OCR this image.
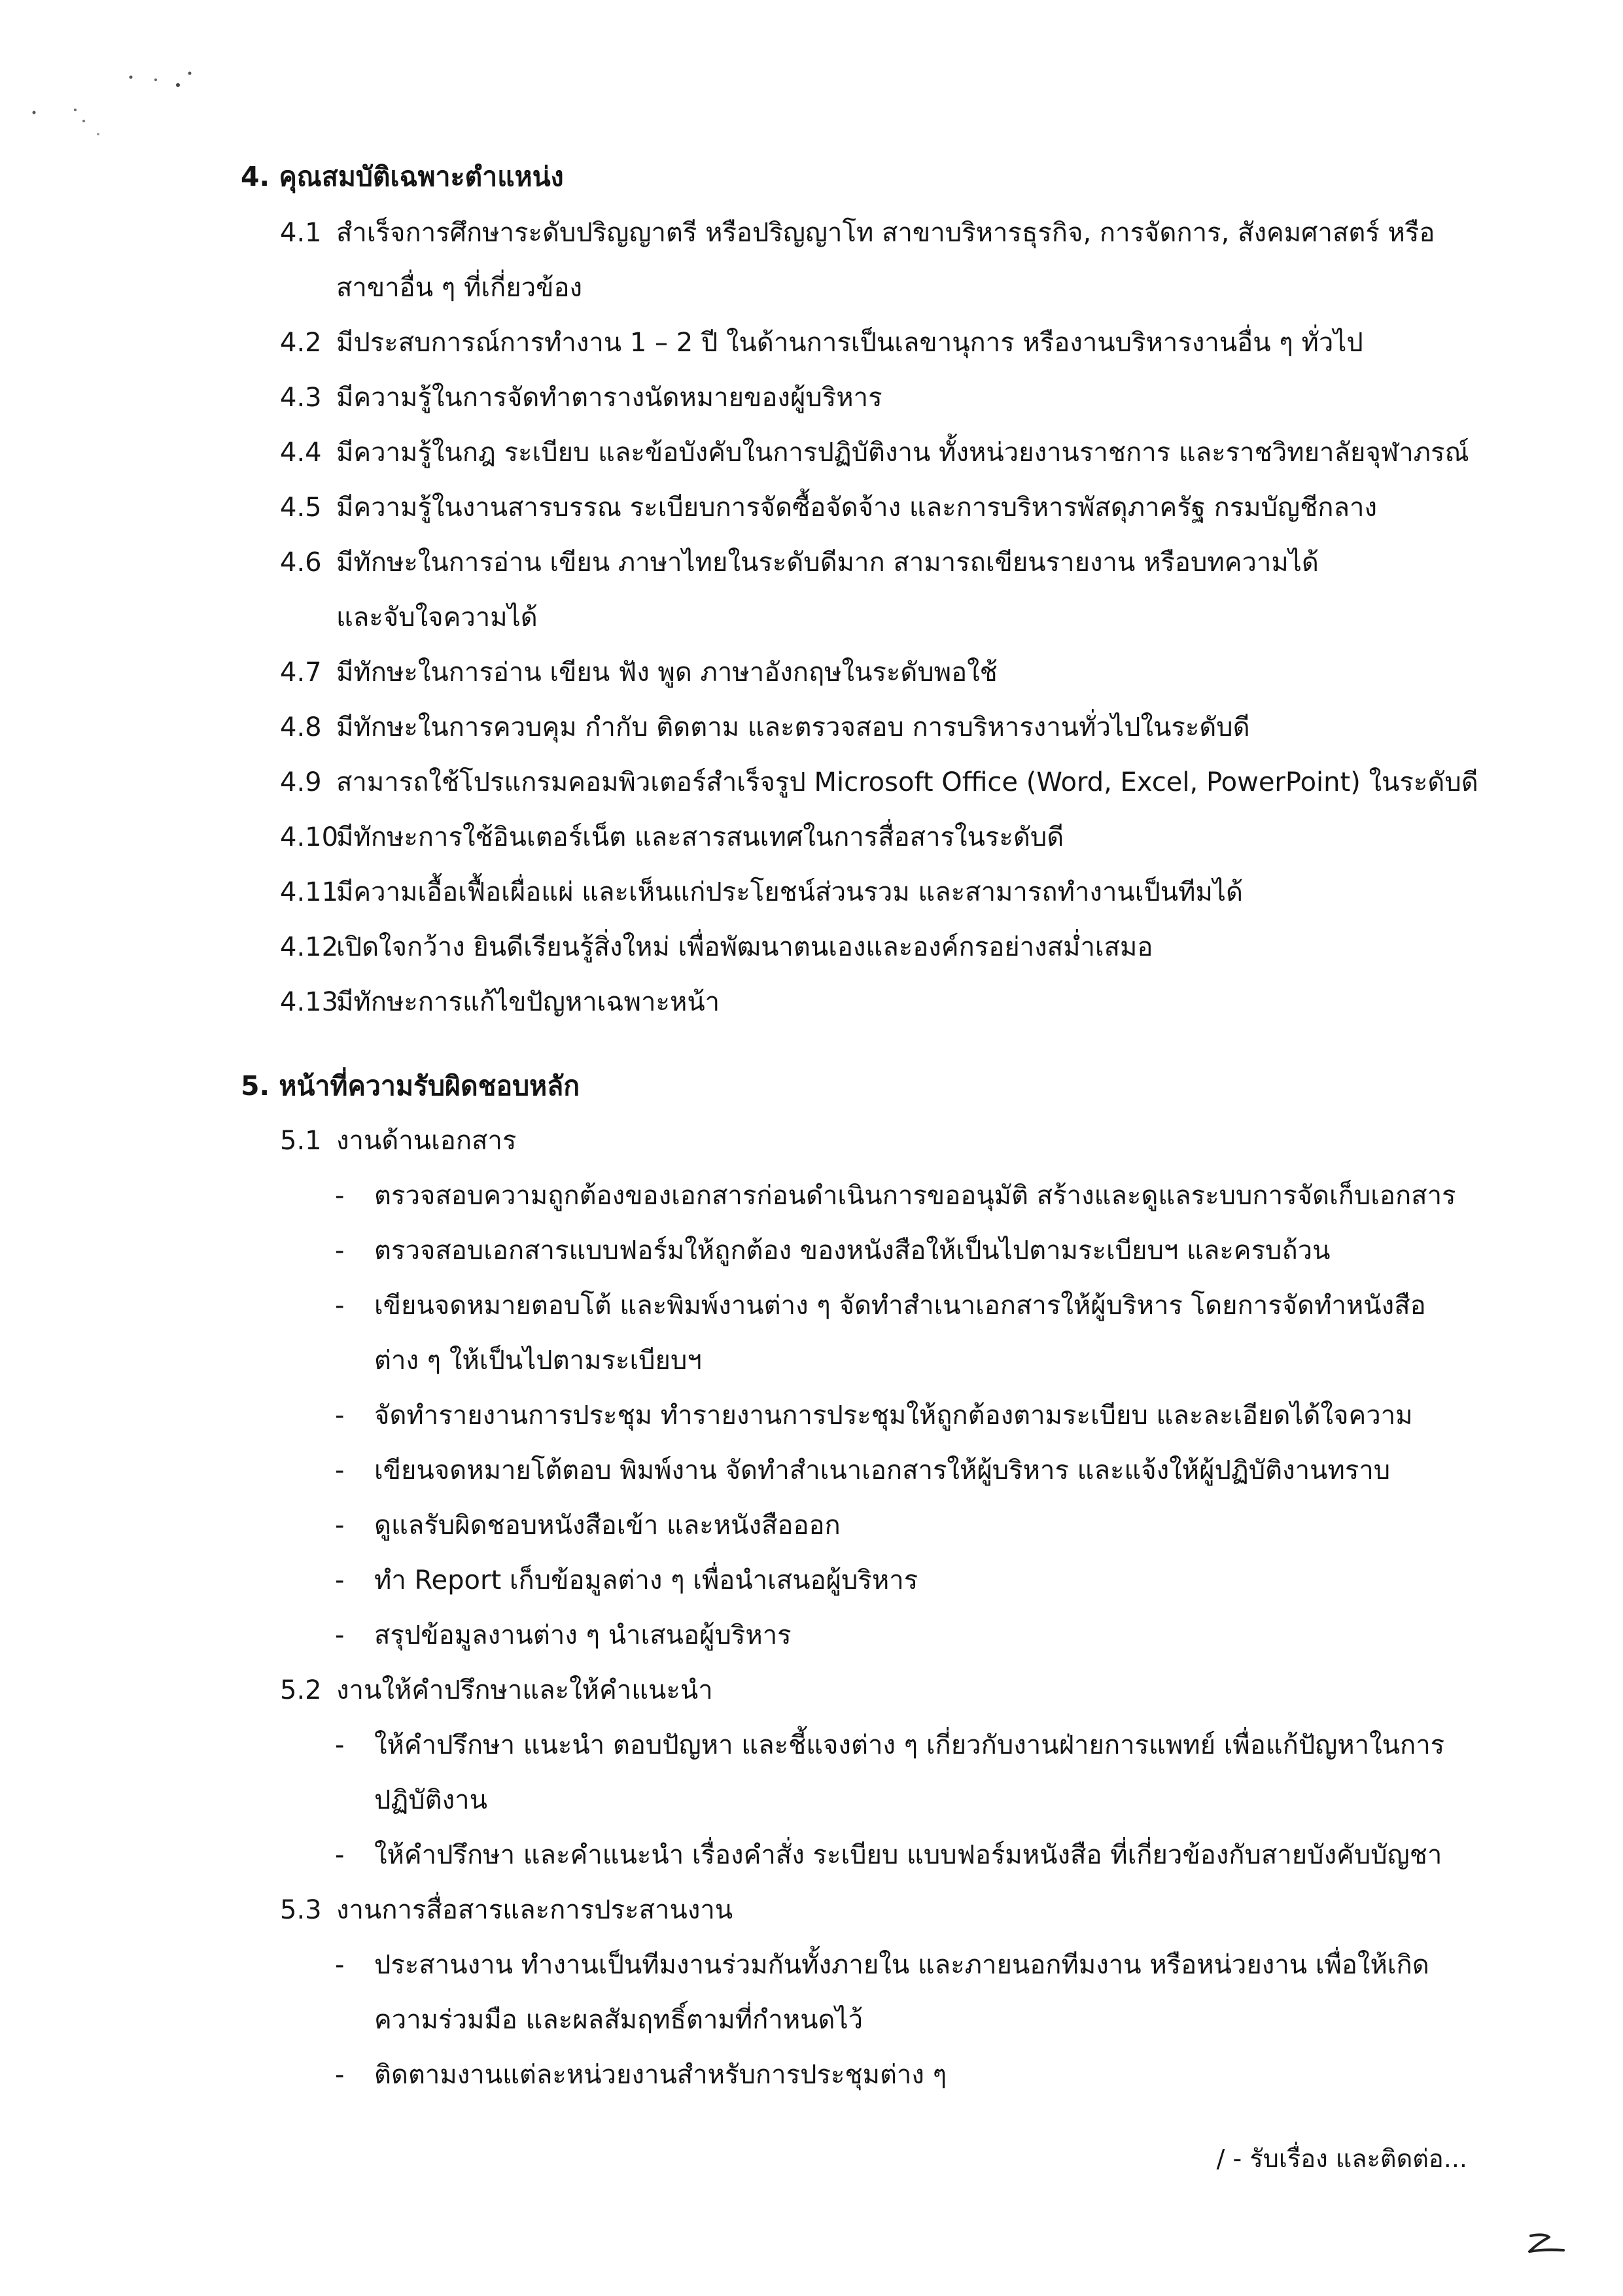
4. คุณสมบัติเฉพาะตำแหน่ง
4.1 สำเร็จการศึกษาระดับปริญญาตรี หรือปริญญาโท สาขาบริหารธุรกิจ, การจัดการ, สังคมศาสตร์ หรือ
สาขาอื่น ๆ ที่เกี่ยวข้อง
4.2 มีประสบการณ์การทำงาน 1 – 2 ปี ในด้านการเป็นเลขานุการ หรืองานบริหารงานอื่น ๆ ทั่วไป
4.3 มีความรู้ในการจัดทำตารางนัดหมายของผู้บริหาร
4.4 มีความรู้ในกฎ ระเบียบ และข้อบังคับในการปฏิบัติงาน ทั้งหน่วยงานราชการ และราชวิทยาลัยจุฬาภรณ์
4.5 มีความรู้ในงานสารบรรณ ระเบียบการจัดซื้อจัดจ้าง และการบริหารพัสดุภาครัฐ กรมบัญชีกลาง
4.6 มีทักษะในการอ่าน เขียน ภาษาไทยในระดับดีมาก สามารถเขียนรายงาน หรือบทความได้
และจับใจความได้
4.7 มีทักษะในการอ่าน เขียน ฟัง พูด ภาษาอังกฤษในระดับพอใช้
4.8 มีทักษะในการควบคุม กำกับ ติดตาม และตรวจสอบ การบริหารงานทั่วไปในระดับดี
4.9 สามารถใช้โปรแกรมคอมพิวเตอร์สำเร็จรูป Microsoft Office (Word, Excel, PowerPoint) ในระดับดี
4.10
มีทักษะการใช้อินเตอร์เน็ต และสารสนเทศในการสื่อสารในระดับดี
4.11
มีความเอื้อเฟื้อเผื่อแผ่ และเห็นแก่ประโยชน์ส่วนรวม และสามารถทำงานเป็นทีมได้
4.12
เปิดใจกว้าง ยินดีเรียนรู้สิ่งใหม่ เพื่อพัฒนาตนเองและองค์กรอย่างสม่ำเสมอ
4.13
มีทักษะการแก้ไขปัญหาเฉพาะหน้า
5. หน้าที่ความรับผิดชอบหลัก
5.1 งานด้านเอกสาร
- ตรวจสอบความถูกต้องของเอกสารก่อนดำเนินการขออนุมัติ สร้างและดูแลระบบการจัดเก็บเอกสาร
- ตรวจสอบเอกสารแบบฟอร์มให้ถูกต้อง ของหนังสือให้เป็นไปตามระเบียบฯ และครบถ้วน
- เขียนจดหมายตอบโต้ และพิมพ์งานต่าง ๆ จัดทำสำเนาเอกสารให้ผู้บริหาร โดยการจัดทำหนังสือ
ต่าง ๆ ให้เป็นไปตามระเบียบฯ
- จัดทำรายงานการประชุม ทำรายงานการประชุมให้ถูกต้องตามระเบียบ และละเอียดได้ใจความ
- เขียนจดหมายโต้ตอบ พิมพ์งาน จัดทำสำเนาเอกสารให้ผู้บริหาร และแจ้งให้ผู้ปฏิบัติงานทราบ
- ดูแลรับผิดชอบหนังสือเข้า และหนังสือออก
- ทำ Report เก็บข้อมูลต่าง ๆ เพื่อนำเสนอผู้บริหาร
- สรุปข้อมูลงานต่าง ๆ นำเสนอผู้บริหาร
5.2 งานให้คำปรึกษาและให้คำแนะนำ
- ให้คำปรึกษา แนะนำ ตอบปัญหา และชี้แจงต่าง ๆ เกี่ยวกับงานฝ่ายการแพทย์ เพื่อแก้ปัญหาในการ
ปฏิบัติงาน
- ให้คำปรึกษา และคำแนะนำ เรื่องคำสั่ง ระเบียบ แบบฟอร์มหนังสือ ที่เกี่ยวข้องกับสายบังคับบัญชา
5.3 งานการสื่อสารและการประสานงาน
- ประสานงาน ทำงานเป็นทีมงานร่วมกันทั้งภายใน และภายนอกทีมงาน หรือหน่วยงาน เพื่อให้เกิด
ความร่วมมือ และผลสัมฤทธิ์ตามที่กำหนดไว้
- ติดตามงานแต่ละหน่วยงานสำหรับการประชุมต่าง ๆ
/ - รับเรื่อง และติดต่อ...
